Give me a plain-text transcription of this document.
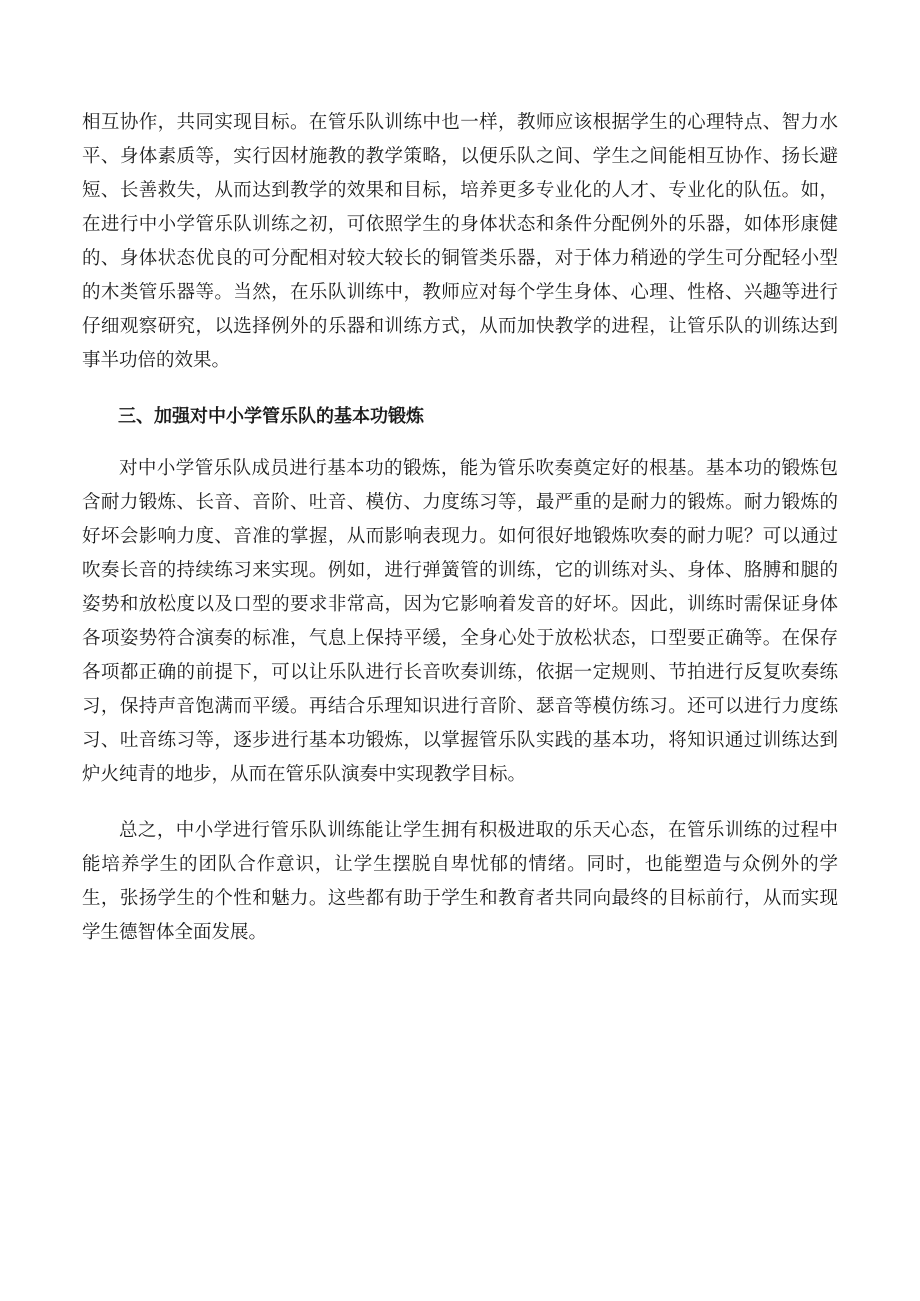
相互协作，共同实现目标。在管乐队训练中也一样，教师应该根据学生的心理特点、智力水平、身体素质等，实行因材施教的教学策略，以便乐队之间、学生之间能相互协作、扬长避短、长善救失，从而达到教学的效果和目标，培养更多专业化的人才、专业化的队伍。如，在进行中小学管乐队训练之初，可依照学生的身体状态和条件分配例外的乐器，如体形康健的、身体状态优良的可分配相对较大较长的铜管类乐器，对于体力稍逊的学生可分配轻小型的木类管乐器等。当然，在乐队训练中，教师应对每个学生身体、心理、性格、兴趣等进行仔细观察研究，以选择例外的乐器和训练方式，从而加快教学的进程，让管乐队的训练达到事半功倍的效果。

三、加强对中小学管乐队的基本功锻炼

对中小学管乐队成员进行基本功的锻炼，能为管乐吹奏奠定好的根基。基本功的锻炼包含耐力锻炼、长音、音阶、吐音、模仿、力度练习等，最严重的是耐力的锻炼。耐力锻炼的好坏会影响力度、音准的掌握，从而影响表现力。如何很好地锻炼吹奏的耐力呢？可以通过吹奏长音的持续练习来实现。例如，进行弹簧管的训练，它的训练对头、身体、胳膊和腿的姿势和放松度以及口型的要求非常高，因为它影响着发音的好坏。因此，训练时需保证身体各项姿势符合演奏的标准，气息上保持平缓，全身心处于放松状态，口型要正确等。在保存各项都正确的前提下，可以让乐队进行长音吹奏训练，依据一定规则、节拍进行反复吹奏练习，保持声音饱满而平缓。再结合乐理知识进行音阶、瑟音等模仿练习。还可以进行力度练习、吐音练习等，逐步进行基本功锻炼，以掌握管乐队实践的基本功，将知识通过训练达到炉火纯青的地步，从而在管乐队演奏中实现教学目标。

总之，中小学进行管乐队训练能让学生拥有积极进取的乐天心态，在管乐训练的过程中能培养学生的团队合作意识，让学生摆脱自卑忧郁的情绪。同时，也能塑造与众例外的学生，张扬学生的个性和魅力。这些都有助于学生和教育者共同向最终的目标前行，从而实现学生德智体全面发展。
